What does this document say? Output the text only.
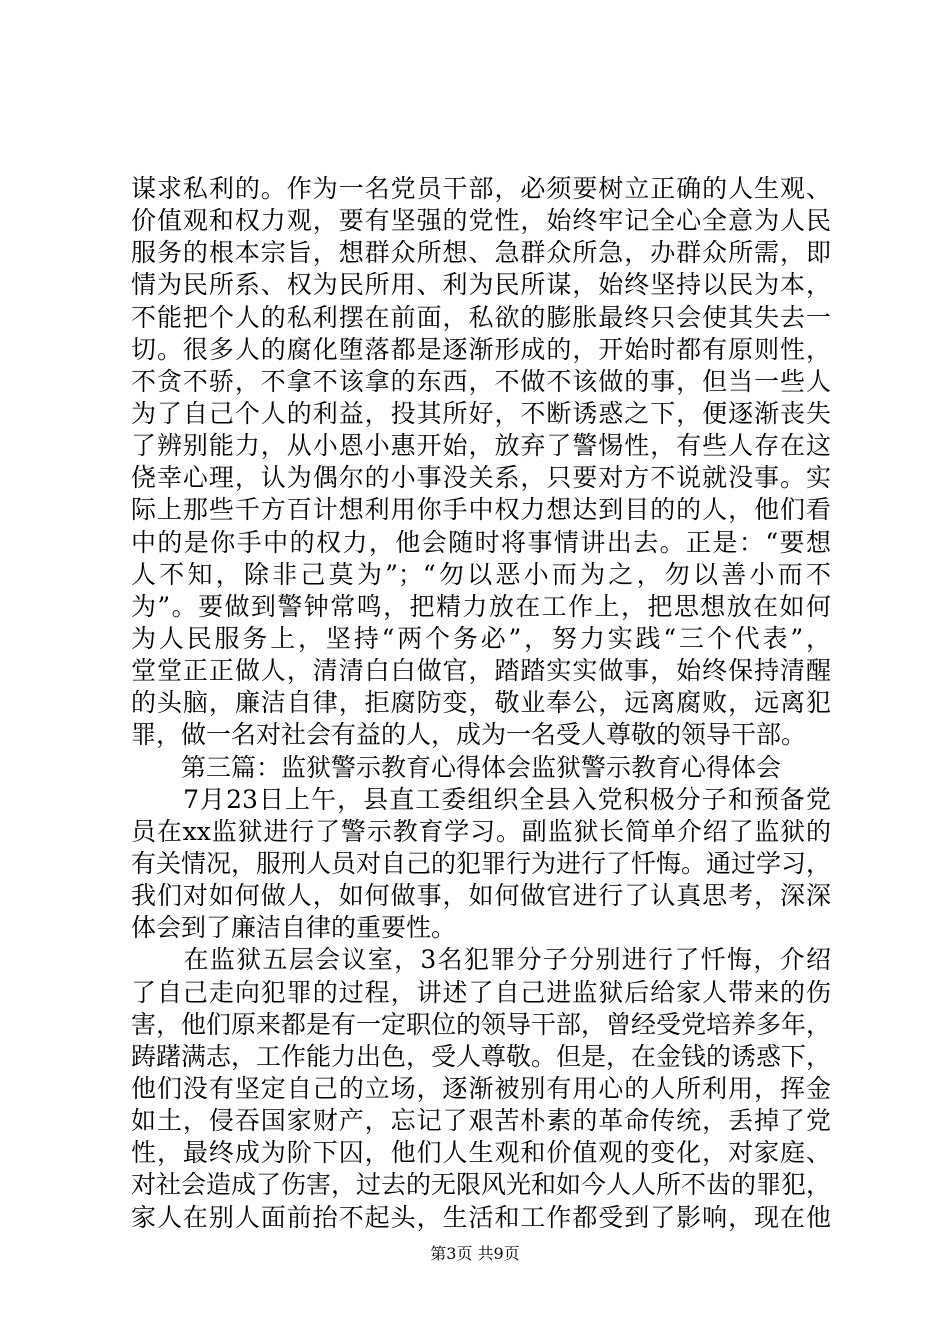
谋求私利的。作为一名党员干部，必须要树立正确的人生观、
价值观和权力观，要有坚强的党性，始终牢记全心全意为人民
服务的根本宗旨，想群众所想、急群众所急，办群众所需，即
情为民所系、权为民所用、利为民所谋，始终坚持以民为本，
不能把个人的私利摆在前面，私欲的膨胀最终只会使其失去一
切。很多人的腐化堕落都是逐渐形成的，开始时都有原则性，
不贪不骄，不拿不该拿的东西，不做不该做的事，但当一些人
为了自己个人的利益，投其所好，不断诱惑之下，便逐渐丧失
了辨别能力，从小恩小惠开始，放弃了警惕性，有些人存在这
侥幸心理，认为偶尔的小事没关系，只要对方不说就没事。实
际上那些千方百计想利用你手中权力想达到目的的人，他们看
中的是你手中的权力，他会随时将事情讲出去。正是：“要想
人不知，除非己莫为”；“勿以恶小而为之，勿以善小而不
为”。要做到警钟常鸣，把精力放在工作上，把思想放在如何
为人民服务上，坚持“两个务必”，努力实践“三个代表”，
堂堂正正做人，清清白白做官，踏踏实实做事，始终保持清醒
的头脑，廉洁自律，拒腐防变，敬业奉公，远离腐败，远离犯
罪，做一名对社会有益的人，成为一名受人尊敬的领导干部。
　　第三篇：监狱警示教育心得体会监狱警示教育心得体会
　　7月23日上午，县直工委组织全县入党积极分子和预备党
员在xx监狱进行了警示教育学习。副监狱长简单介绍了监狱的
有关情况，服刑人员对自己的犯罪行为进行了忏悔。通过学习，
我们对如何做人，如何做事，如何做官进行了认真思考，深深
体会到了廉洁自律的重要性。
　　在监狱五层会议室，3名犯罪分子分别进行了忏悔，介绍
了自己走向犯罪的过程，讲述了自己进监狱后给家人带来的伤
害，他们原来都是有一定职位的领导干部，曾经受党培养多年，
踌躇满志，工作能力出色，受人尊敬。但是，在金钱的诱惑下，
他们没有坚定自己的立场，逐渐被别有用心的人所利用，挥金
如土，侵吞国家财产，忘记了艰苦朴素的革命传统，丢掉了党
性，最终成为阶下囚，他们人生观和价值观的变化，对家庭、
对社会造成了伤害，过去的无限风光和如今人人所不齿的罪犯，
家人在别人面前抬不起头，生活和工作都受到了影响，现在他
第3页 共9页
